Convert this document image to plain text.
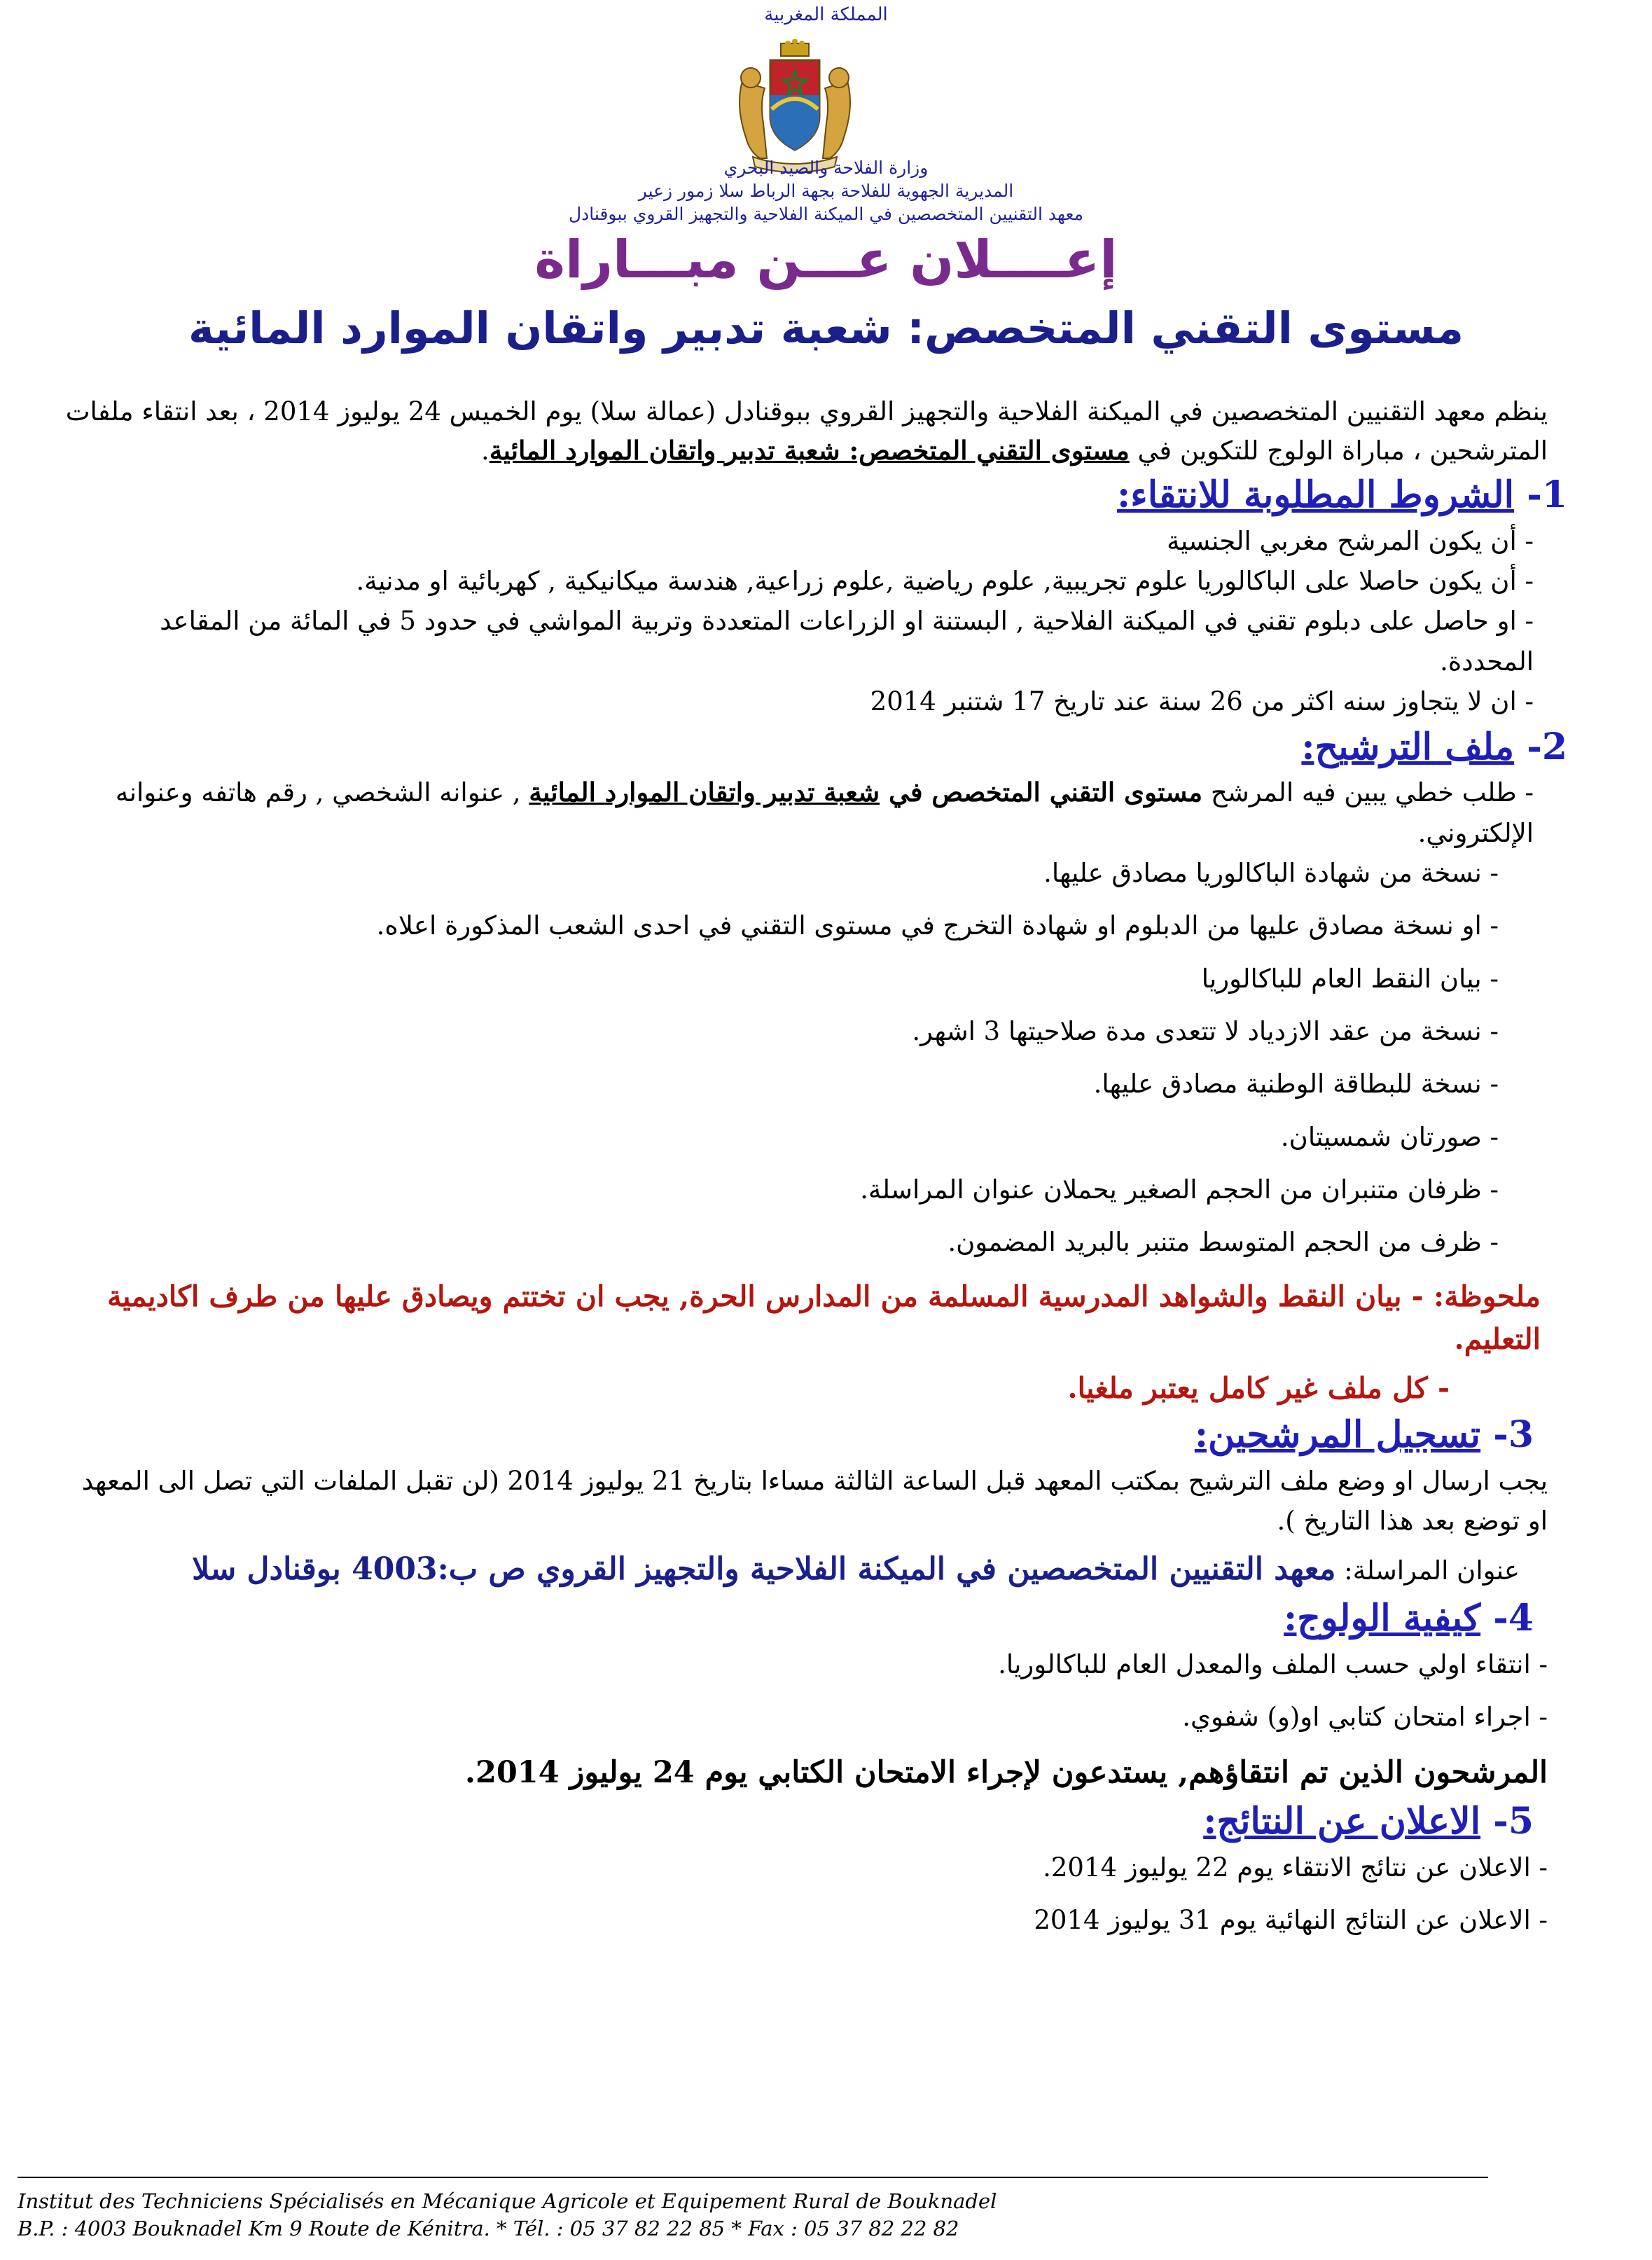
المملكة المغربية
وزارة الفلاحة والصيد البحري
المديرية الجهوية للفلاحة بجهة الرباط سلا زمور زعير
معهد التقنيين المتخصصين في الميكنة الفلاحية والتجهيز القروي ببوقنادل
إعــــلان عـــن مبـــاراة
مستوى التقني المتخصص: شعبة تدبير واتقان الموارد المائية

ينظم معهد التقنيين المتخصصين في الميكنة الفلاحية والتجهيز القروي ببوقنادل (عمالة سلا) يوم الخميس 24 يوليوز 2014 ، بعد انتقاء ملفات المترشحين ، مباراة الولوج للتكوين في مستوى التقني المتخصص: شعبة تدبير واتقان الموارد المائية.

1- الشروط المطلوبة للانتقاء:

- أن يكون المرشح مغربي الجنسية

- أن يكون حاصلا على الباكالوريا علوم تجريبية, علوم رياضية ,علوم زراعية, هندسة ميكانيكية , كهربائية او مدنية.

- او حاصل على دبلوم تقني في الميكنة الفلاحية , البستنة او الزراعات المتعددة وتربية المواشي في حدود 5 في المائة من المقاعد المحددة.

- ان لا يتجاوز سنه اكثر من 26 سنة عند تاريخ 17 شتنبر 2014

2- ملف الترشيح:

- طلب خطي يبين فيه المرشح مستوى التقني المتخصص في شعبة تدبير واتقان الموارد المائية , عنوانه الشخصي , رقم هاتفه وعنوانه الإلكتروني.

- نسخة من شهادة الباكالوريا مصادق عليها.

- او نسخة مصادق عليها من الدبلوم او شهادة التخرج في مستوى التقني في احدى الشعب المذكورة اعلاه.

- بيان النقط العام للباكالوريا

- نسخة من عقد الازدياد لا تتعدى مدة صلاحيتها 3 اشهر.

- نسخة للبطاقة الوطنية مصادق عليها.

- صورتان شمسيتان.

- ظرفان متنبران من الحجم الصغير يحملان عنوان المراسلة.

- ظرف من الحجم المتوسط متنبر بالبريد المضمون.

ملحوظة: - بيان النقط والشواهد المدرسية المسلمة من المدارس الحرة, يجب ان تختتم ويصادق عليها من طرف اكاديمية التعليم.

- كل ملف غير كامل يعتبر ملغيا.

3- تسجيل المرشحين:

يجب ارسال او وضع ملف الترشيح بمكتب المعهد قبل الساعة الثالثة مساءا بتاريخ 21 يوليوز 2014 (لن تقبل الملفات التي تصل الى المعهد او توضع بعد هذا التاريخ ).

عنوان المراسلة: معهد التقنيين المتخصصين في الميكنة الفلاحية والتجهيز القروي ص ب:4003 بوقنادل سلا

4- كيفية الولوج:

- انتقاء اولي حسب الملف والمعدل العام للباكالوريا.

- اجراء امتحان كتابي او(و) شفوي.

المرشحون الذين تم انتقاؤهم, يستدعون لإجراء الامتحان الكتابي يوم 24 يوليوز 2014.

5- الاعلان عن النتائج:

- الاعلان عن نتائج الانتقاء يوم 22 يوليوز 2014.

- الاعلان عن النتائج النهائية يوم 31 يوليوز 2014

Institut des Techniciens Spécialisés en Mécanique Agricole et Equipement Rural de Bouknadel
B.P. : 4003 Bouknadel Km 9 Route de Kénitra. * Tél. : 05 37 82 22 85 * Fax : 05 37 82 22 82
